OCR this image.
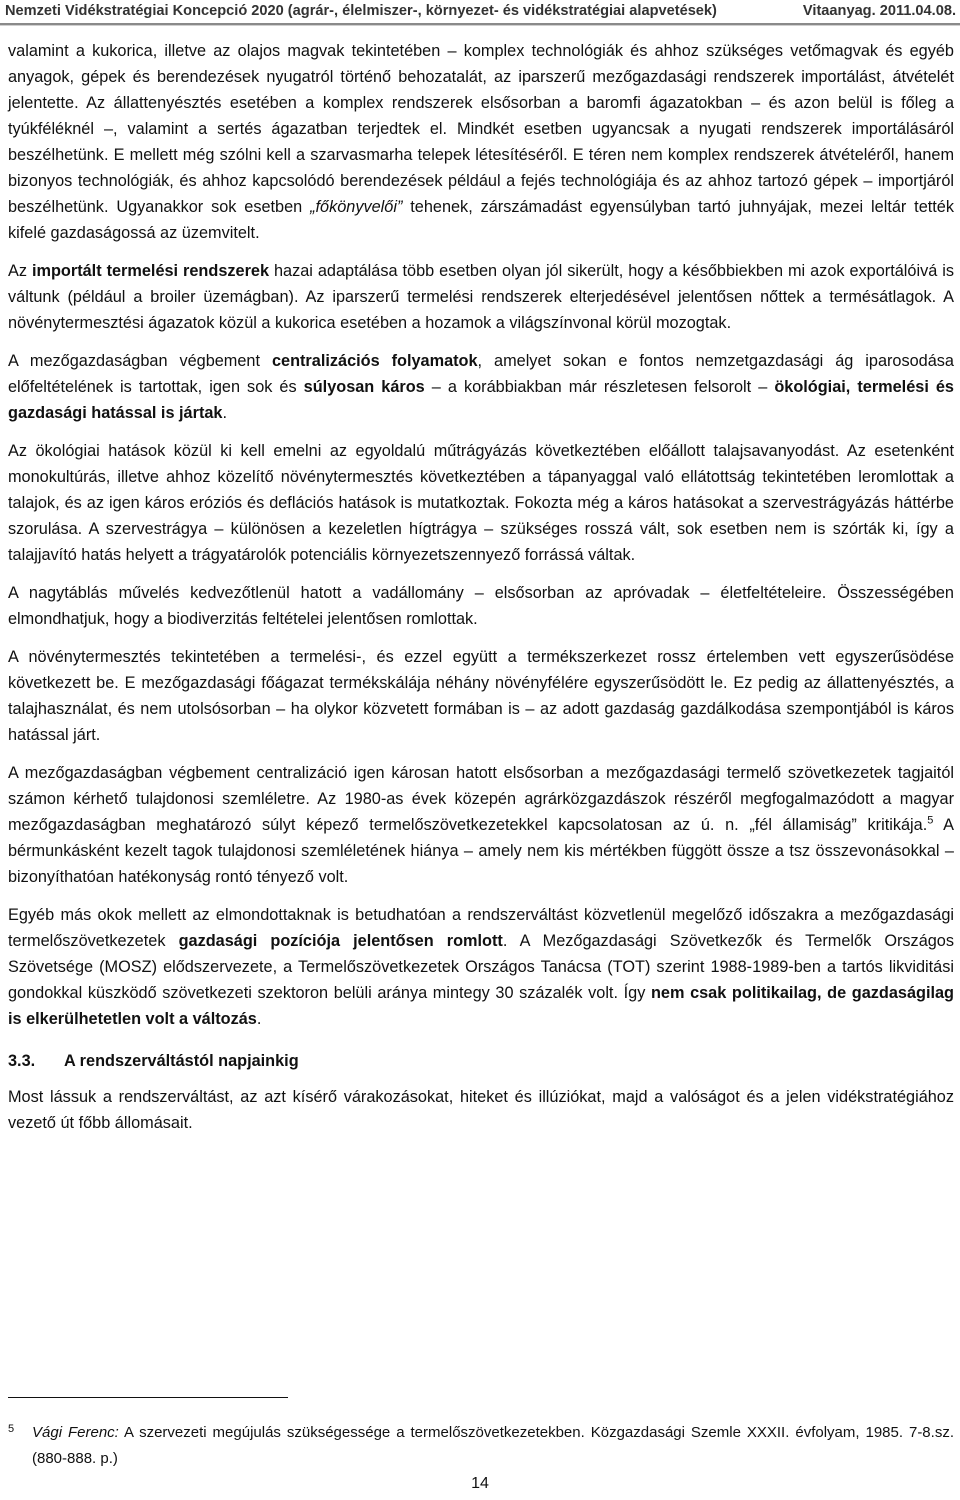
Nemzeti Vidékstratégiai Koncepció 2020 (agrár-, élelmiszer-, környezet- és vidékstratégiai alapvetések)	Vitaanyag. 2011.04.08.

valamint a kukorica, illetve az olajos magvak tekintetében – komplex technológiák és ahhoz szükséges vetőmagvak és egyéb anyagok, gépek és berendezések nyugatról történő behozatalát, az iparszerű mezőgazdasági rendszerek importálást, átvételét jelentette. Az állattenyésztés esetében a komplex rendszerek elsősorban a baromfi ágazatokban – és azon belül is főleg a tyúkféléknél –, valamint a sertés ágazatban terjedtek el. Mindkét esetben ugyancsak a nyugati rendszerek importálásáról beszélhetünk. E mellett még szólni kell a szarvasmarha telepek létesítéséről. E téren nem komplex rendszerek átvételéről, hanem bizonyos technológiák, és ahhoz kapcsolódó berendezések például a fejés technológiája és az ahhoz tartozó gépek – importjáról beszélhetünk. Ugyanakkor sok esetben „főkönyvelői” tehenek, zárszámadást egyensúlyban tartó juhnyájak, mezei leltár tették kifelé gazdaságossá az üzemvitelt.

Az importált termelési rendszerek hazai adaptálása több esetben olyan jól sikerült, hogy a későbbiekben mi azok exportálóivá is váltunk (például a broiler üzemágban). Az iparszerű termelési rendszerek elterjedésével jelentősen nőttek a termésátlagok. A növénytermesztési ágazatok közül a kukorica esetében a hozamok a világszínvonal körül mozogtak.

A mezőgazdaságban végbement centralizációs folyamatok, amelyet sokan e fontos nemzetgazdasági ág iparosodása előfeltételének is tartottak, igen sok és súlyosan káros – a korábbiakban már részletesen felsorolt – ökológiai, termelési és gazdasági hatással is jártak.

Az ökológiai hatások közül ki kell emelni az egyoldalú műtrágyázás következtében előállott talajsavanyodást. Az esetenként monokultúrás, illetve ahhoz közelítő növénytermesztés következtében a tápanyaggal való ellátottság tekintetében leromlottak a talajok, és az igen káros eróziós és deflációs hatások is mutatkoztak. Fokozta még a káros hatásokat a szervestrágyázás háttérbe szorulása. A szervestrágya – különösen a kezeletlen hígtrágya – szükséges rosszá vált, sok esetben nem is szórták ki, így a talajjavító hatás helyett a trágyatárolók potenciális környezetszennyező forrássá váltak.

A nagytáblás művelés kedvezőtlenül hatott a vadállomány – elsősorban az apróvadak – életfeltételeire. Összességében elmondhatjuk, hogy a biodiverzitás feltételei jelentősen romlottak.

A növénytermesztés tekintetében a termelési-, és ezzel együtt a termékszerkezet rossz értelemben vett egyszerűsödése következett be. E mezőgazdasági főágazat termékskálája néhány növényfélére egyszerűsödött le. Ez pedig az állattenyésztés, a talajhasználat, és nem utolsósorban – ha olykor közvetett formában is – az adott gazdaság gazdálkodása szempontjából is káros hatással járt.

A mezőgazdaságban végbement centralizáció igen károsan hatott elsősorban a mezőgazdasági termelő szövetkezetek tagjaitól számon kérhető tulajdonosi szemléletre. Az 1980-as évek közepén agrárközgazdászok részéről megfogalmazódott a magyar mezőgazdaságban meghatározó súlyt képező termelőszövetkezetekkel kapcsolatosan az ú. n. „fél államiság” kritikája.$^5$ A bérmunkásként kezelt tagok tulajdonosi szemléletének hiánya – amely nem kis mértékben függött össze a tsz összevonásokkal – bizonyíthatóan hatékonyság rontó tényező volt.

Egyéb más okok mellett az elmondottaknak is betudhatóan a rendszerváltást közvetlenül megelőző időszakra a mezőgazdasági termelőszövetkezetek gazdasági pozíciója jelentősen romlott. A Mezőgazdasági Szövetkezők és Termelők Országos Szövetsége (MOSZ) elődszervezete, a Termelőszövetkezetek Országos Tanácsa (TOT) szerint 1988-1989-ben a tartós likviditási gondokkal küszködő szövetkezeti szektoron belüli aránya mintegy 30 százalék volt. Így nem csak politikailag, de gazdaságilag is elkerülhetetlen volt a változás.

3.3.	A rendszerváltástól napjainkig

Most lássuk a rendszerváltást, az azt kísérő várakozásokat, hiteket és illúziókat, majd a valóságot és a jelen vidékstratégiához vezető út főbb állomásait.

5	Vági Ferenc: A szervezeti megújulás szükségessége a termelőszövetkezetekben. Közgazdasági Szemle XXXII. évfolyam, 1985. 7-8.sz. (880-888. p.)
14
